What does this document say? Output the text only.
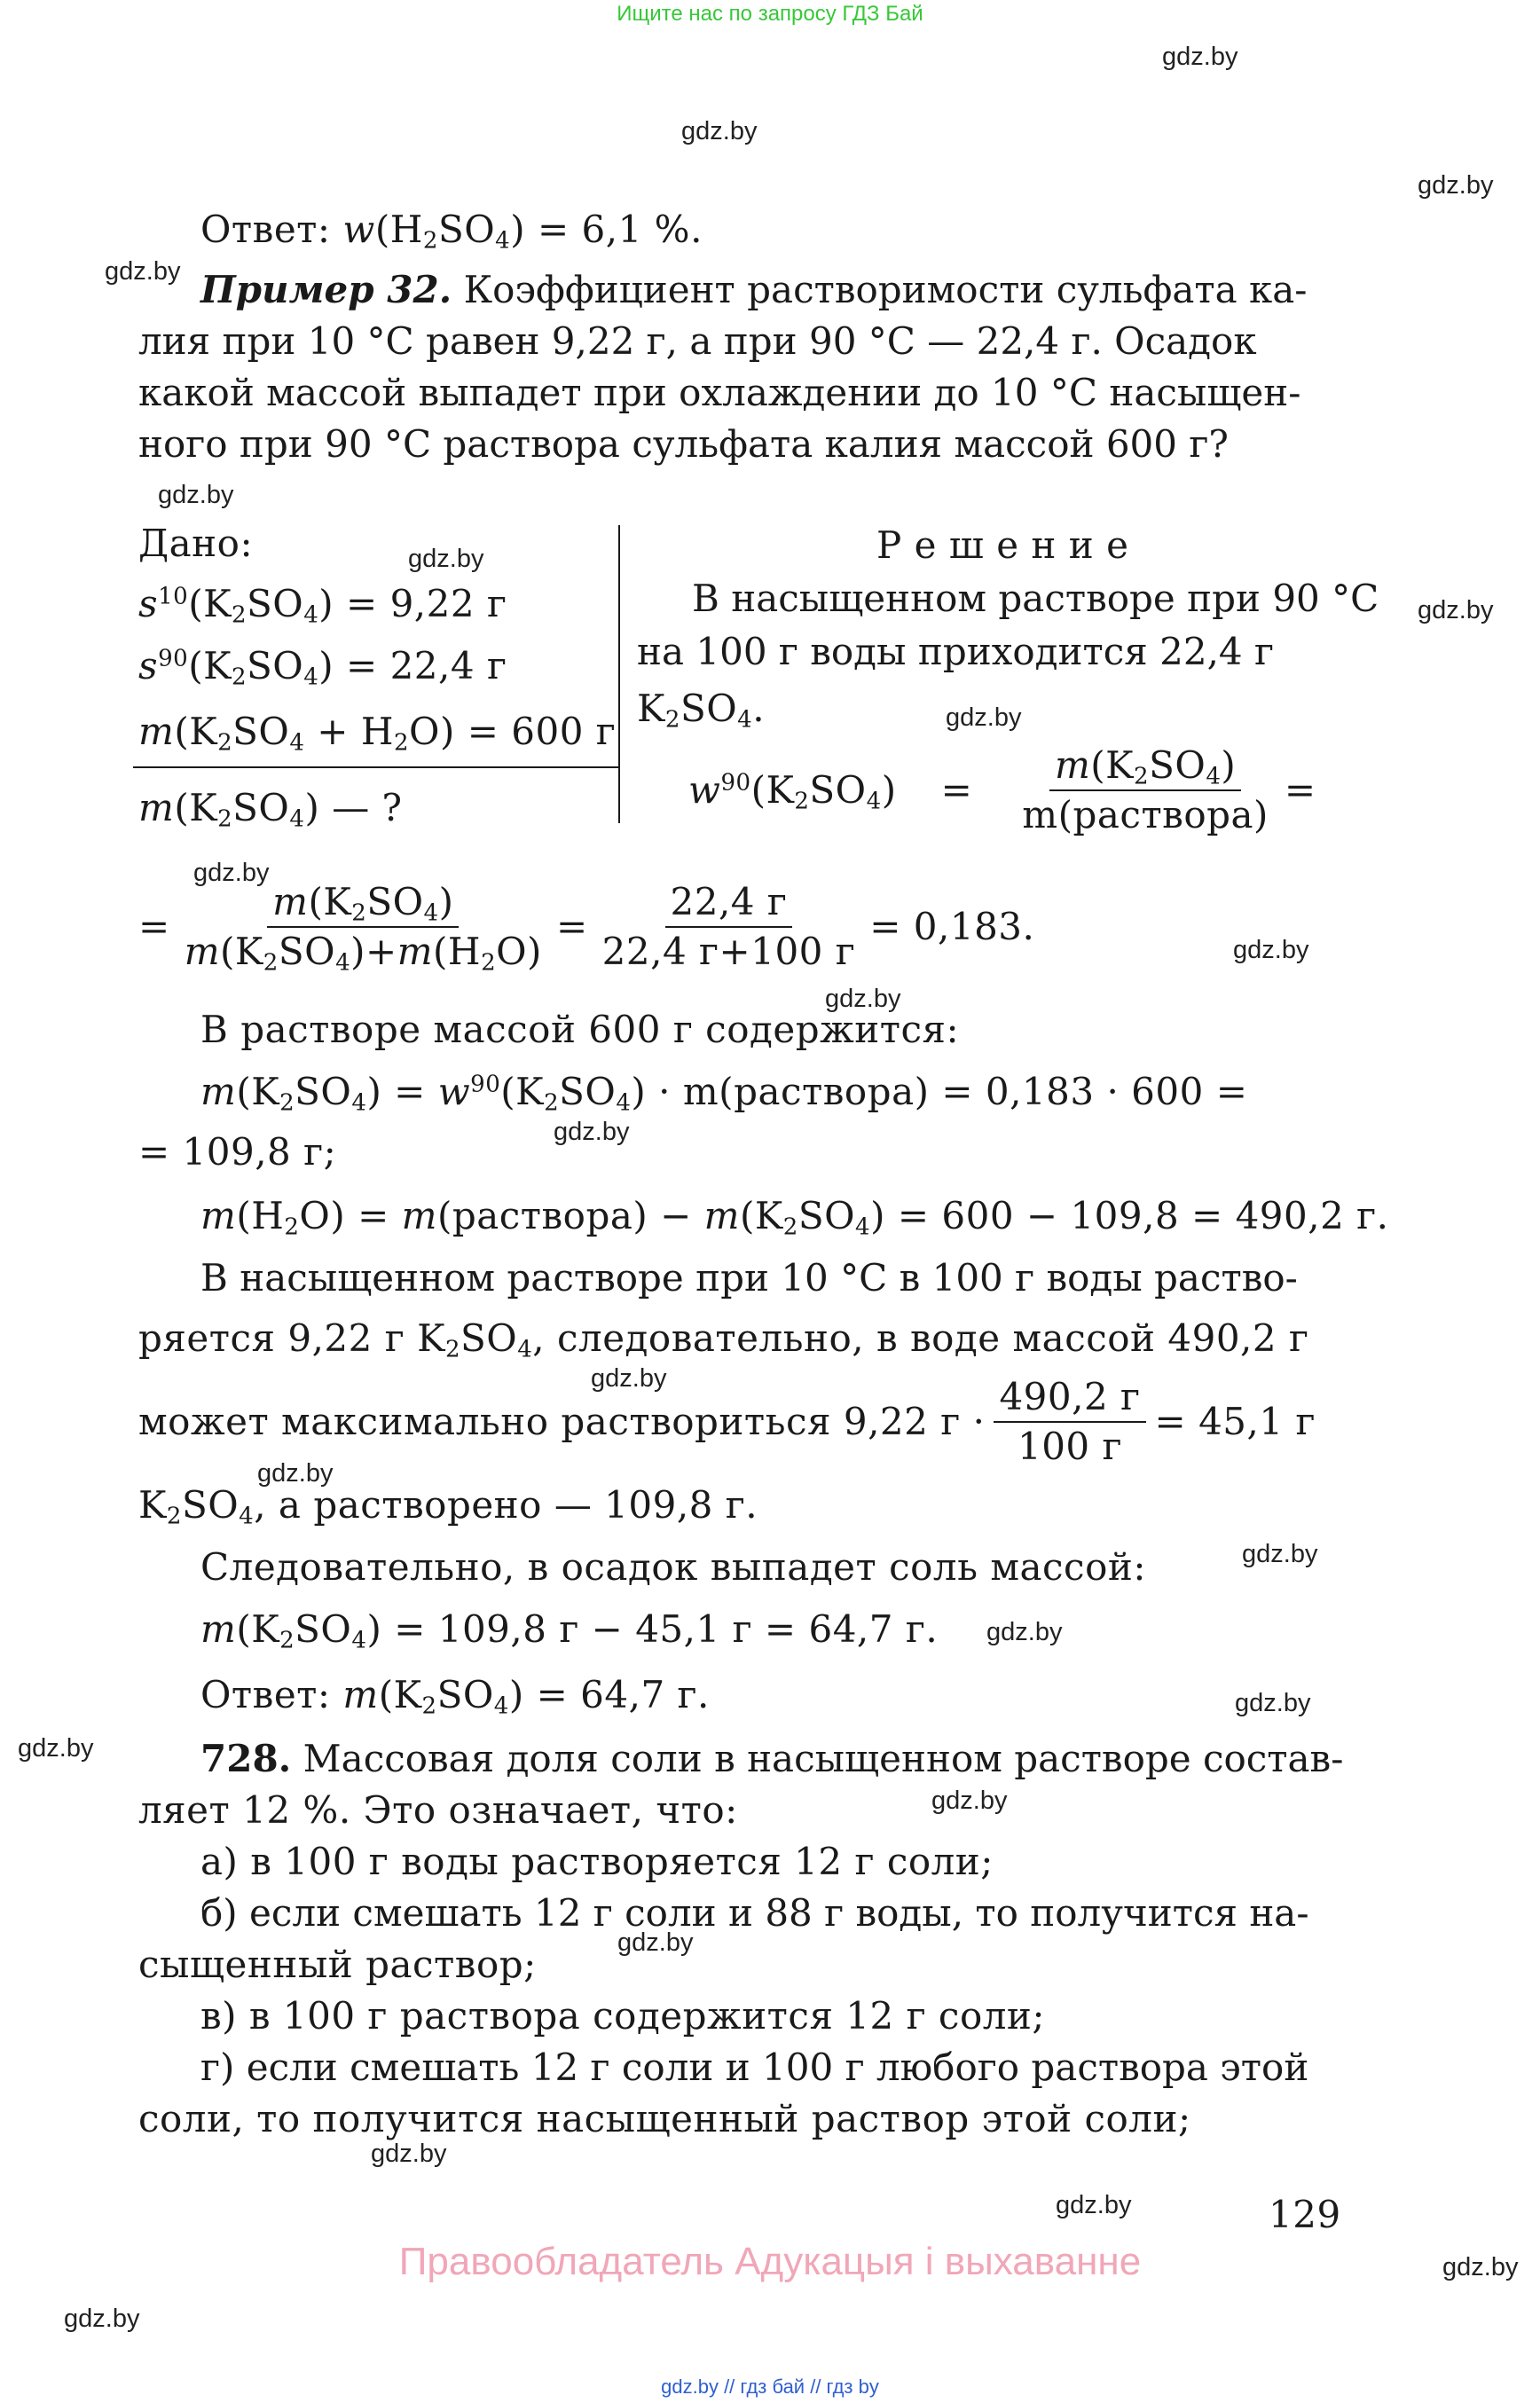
Ищите нас по запросу ГДЗ Бай
gdz.by
gdz.by
gdz.by
gdz.by
gdz.by
gdz.by
gdz.by
gdz.by
gdz.by
gdz.by
gdz.by
gdz.by
gdz.by
gdz.by
gdz.by
gdz.by
gdz.by
gdz.by
gdz.by
gdz.by
gdz.by
gdz.by
gdz.by
gdz.by
Ответ: $w(H_2SO_4) = 6,1$ %.
Пример 32. Коэффициент растворимости сульфата ка-
лия при 10 °С равен 9,22 г, а при 90 °С — 22,4 г. Осадок
какой массой выпадет при охлаждении до 10 °С насыщен-
ного при 90 °С раствора сульфата калия массой 600 г?
Дано:
$s^{10}(K_2SO_4) = 9,22$ г
$s^{90}(K_2SO_4) = 22,4$ г
$m(K_2SO_4 + H_2O) = 600$ г
$m(K_2SO_4)$ — ?
Р е ш е н и е
В насыщенном растворе при 90 °С
на 100 г воды приходится 22,4 г
$K_2SO_4$.
$w^{90}(K_2SO_4) = \frac{m(K_2SO_4)}{\text{m(раствора)}}$ =
= $\frac{m(K_2SO_4)}{m(K_2SO_4)+m(H_2O)} = \frac{22,4 г}{22,4 г+100 г} = 0,183$.
В растворе массой 600 г содержится:
$m(K_2SO_4) = w^{90}(K_2SO_4)$ · m(раствора) = 0,183 · 600 =
= 109,8 г;
$m(H_2O)$ = m(раствора) − $m(K_2SO_4) = 600 - 109,8 = 490,2$ г.
В насыщенном растворе при 10 °С в 100 г воды раство-
ряется 9,22 г $K_2SO_4$, следовательно, в воде массой 490,2 г
может максимально раствориться 9,22 $г \cdot \frac{490,2 г}{100 г} = 45,1$ г
$K_2SO_4$, а растворено — 109,8 г.
Следовательно, в осадок выпадет соль массой:
$m(K_2SO_4) = 109,8$ г − 45,1 г = 64,7 г.
Ответ: $m(K_2SO_4) = 64,7$ г.
728. Массовая доля соли в насыщенном растворе состав-
ляет 12 %. Это означает, что:
а) в 100 г воды растворяется 12 г соли;
б) если смешать 12 г соли и 88 г воды, то получится на-
сыщенный раствор;
в) в 100 г раствора содержится 12 г соли;
г) если смешать 12 г соли и 100 г любого раствора этой
соли, то получится насыщенный раствор этой соли;
129
Правообладатель Адукацыя і выхаванне
gdz.by // гдз бай // гдз by
